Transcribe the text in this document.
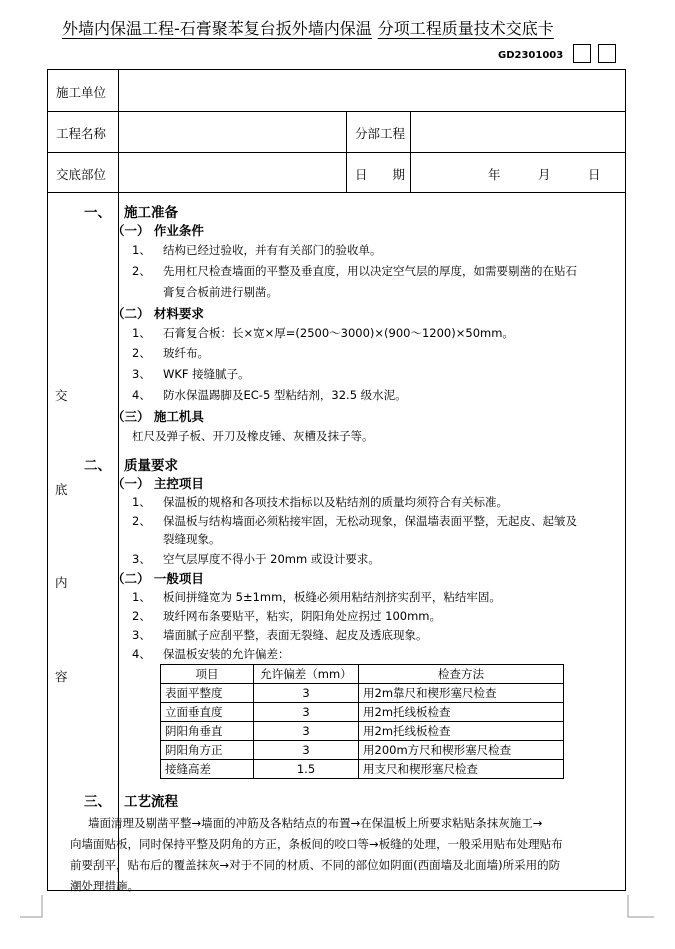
外墙内保温工程-石膏聚苯复台扳外墙内保温 分项工程质量技术交底卡
GD2301003
施工单位
工程名称	分部工程
交底部位	日　　期	年　　　月　　　日
交
底
内
容
一、 施工准备
（一） 作业条件
1、 结构已经过验收，并有有关部门的验收单。
2、 先用杠尺检查墙面的平整及垂直度，用以决定空气层的厚度，如需要剔凿的在贴石
膏复合板前进行剔凿。
（二） 材料要求
1、 石膏复合板：长×宽×厚=(2500～3000)×(900～1200)×50mm。
2、 玻纤布。
3、 WKF 接缝腻子。
4、 防水保温踢脚及EC-5 型粘结剂，32.5 级水泥。
（三） 施工机具
杠尺及弹子板、开刀及橡皮锤、灰槽及抹子等。
二、 质量要求
（一） 主控项目
1、 保温板的规格和各项技术指标以及粘结剂的质量均须符合有关标准。
2、 保温板与结构墙面必须粘接牢固，无松动现象，保温墙表面平整，无起皮、起皱及
裂缝现象。
3、 空气层厚度不得小于 20mm 或设计要求。
（二） 一般项目
1、 板间拼缝宽为 5±1mm，板缝必须用粘结剂挤实刮平，粘结牢固。
2、 玻纤网布条要贴平，粘实，阴阳角处应拐过 100mm。
3、 墙面腻子应刮平整，表面无裂缝、起皮及透底现象。
4、 保温板安装的允许偏差：
项目	允许偏差（mm）	检查方法
表面平整度	3	用2m靠尺和楔形塞尺检查
立面垂直度	3	用2m托线板检查
阴阳角垂直	3	用2m托线板检查
阴阳角方正	3	用200m方尺和楔形塞尺检查
接缝高差	1.5	用支尺和楔形塞尺检查
三、 工艺流程
墙面清理及剔凿平整→墙面的冲筋及各粘结点的布置→在保温板上所要求粘贴条抹灰施工→
向墙面贴板，同时保持平整及阴角的方正，条板间的咬口等→板缝的处理，一般采用贴布处理贴布
前要刮平，贴布后的覆盖抹灰→对于不同的材质、不同的部位如阴面(西面墙及北面墙)所采用的防
潮处理措施。
